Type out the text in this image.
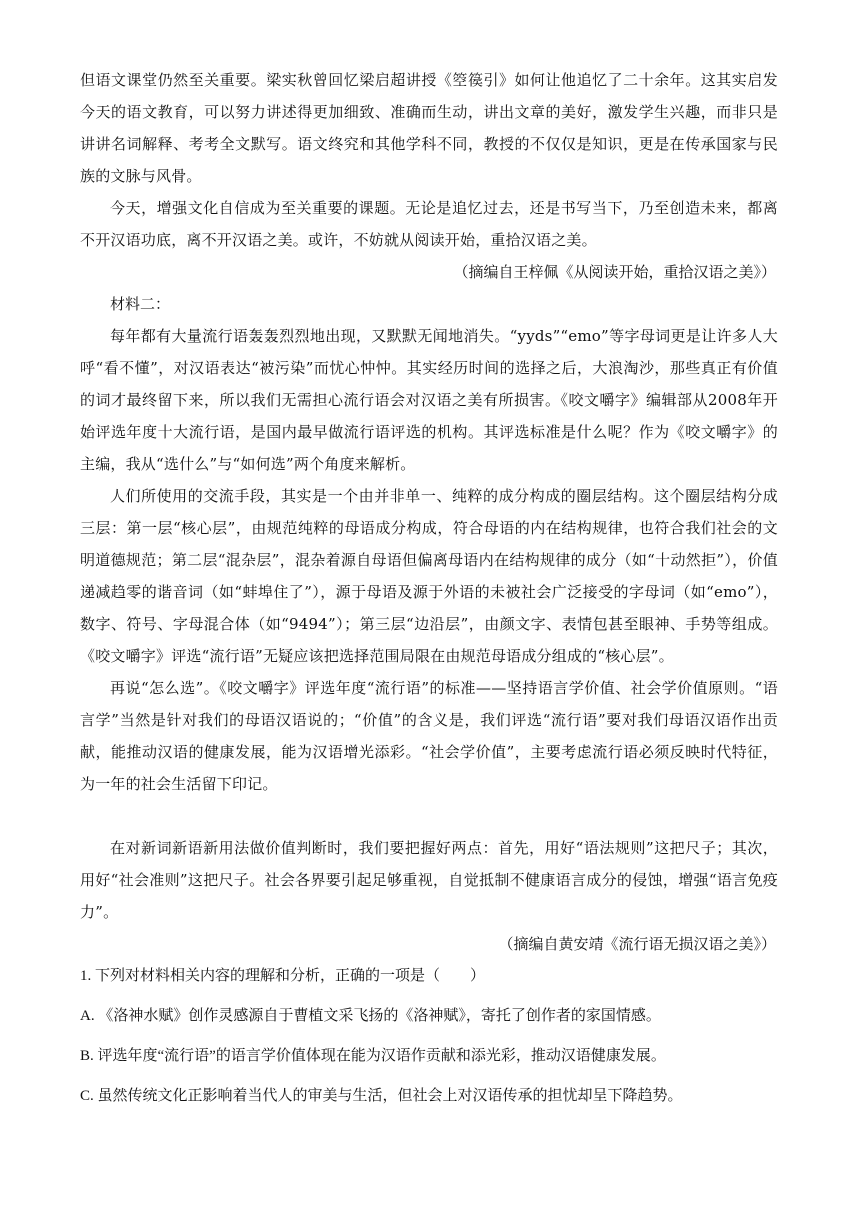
但语文课堂仍然至关重要。梁实秋曾回忆梁启超讲授《箜篌引》如何让他追忆了二十余年。这其实启发今天的语文教育，可以努力讲述得更加细致、准确而生动，讲出文章的美好，激发学生兴趣，而非只是讲讲名词解释、考考全文默写。语文终究和其他学科不同，教授的不仅仅是知识，更是在传承国家与民族的文脉与风骨。

今天，增强文化自信成为至关重要的课题。无论是追忆过去，还是书写当下，乃至创造未来，都离不开汉语功底，离不开汉语之美。或许，不妨就从阅读开始，重拾汉语之美。

（摘编自王梓佩《从阅读开始，重拾汉语之美》）
材料二：

每年都有大量流行语轰轰烈烈地出现，又默默无闻地消失。“yyds”“emo”等字母词更是让许多人大呼“看不懂”，对汉语表达“被污染”而忧心忡忡。其实经历时间的选择之后，大浪淘沙，那些真正有价值的词才最终留下来，所以我们无需担心流行语会对汉语之美有所损害。《咬文嚼字》编辑部从2008年开始评选年度十大流行语，是国内最早做流行语评选的机构。其评选标准是什么呢？作为《咬文嚼字》的主编，我从“选什么”与“如何选”两个角度来解析。

人们所使用的交流手段，其实是一个由并非单一、纯粹的成分构成的圈层结构。这个圈层结构分成三层：第一层“核心层”，由规范纯粹的母语成分构成，符合母语的内在结构规律，也符合我们社会的文明道德规范；第二层“混杂层”，混杂着源自母语但偏离母语内在结构规律的成分（如“十动然拒”），价值递减趋零的谐音词（如“蚌埠住了”），源于母语及源于外语的未被社会广泛接受的字母词（如“emo”），数字、符号、字母混合体（如“9494”）；第三层“边沿层”，由颜文字、表情包甚至眼神、手势等组成。《咬文嚼字》评选“流行语”无疑应该把选择范围局限在由规范母语成分组成的“核心层”。

再说“怎么选”。《咬文嚼字》评选年度“流行语”的标准——坚持语言学价值、社会学价值原则。“语言学”当然是针对我们的母语汉语说的；“价值”的含义是，我们评选“流行语”要对我们母语汉语作出贡献，能推动汉语的健康发展，能为汉语增光添彩。“社会学价值”，主要考虑流行语必须反映时代特征，为一年的社会生活留下印记。

在对新词新语新用法做价值判断时，我们要把握好两点：首先，用好“语法规则”这把尺子；其次，用好“社会准则”这把尺子。社会各界要引起足够重视，自觉抵制不健康语言成分的侵蚀，增强“语言免疫力”。

（摘编自黄安靖《流行语无损汉语之美》）
1. 下列对材料相关内容的理解和分析，正确的一项是（　　）
A. 《洛神水赋》创作灵感源自于曹植文采飞扬的《洛神赋》，寄托了创作者的家国情感。
B. 评选年度“流行语”的语言学价值体现在能为汉语作贡献和添光彩，推动汉语健康发展。
C. 虽然传统文化正影响着当代人的审美与生活，但社会上对汉语传承的担忧却呈下降趋势。
